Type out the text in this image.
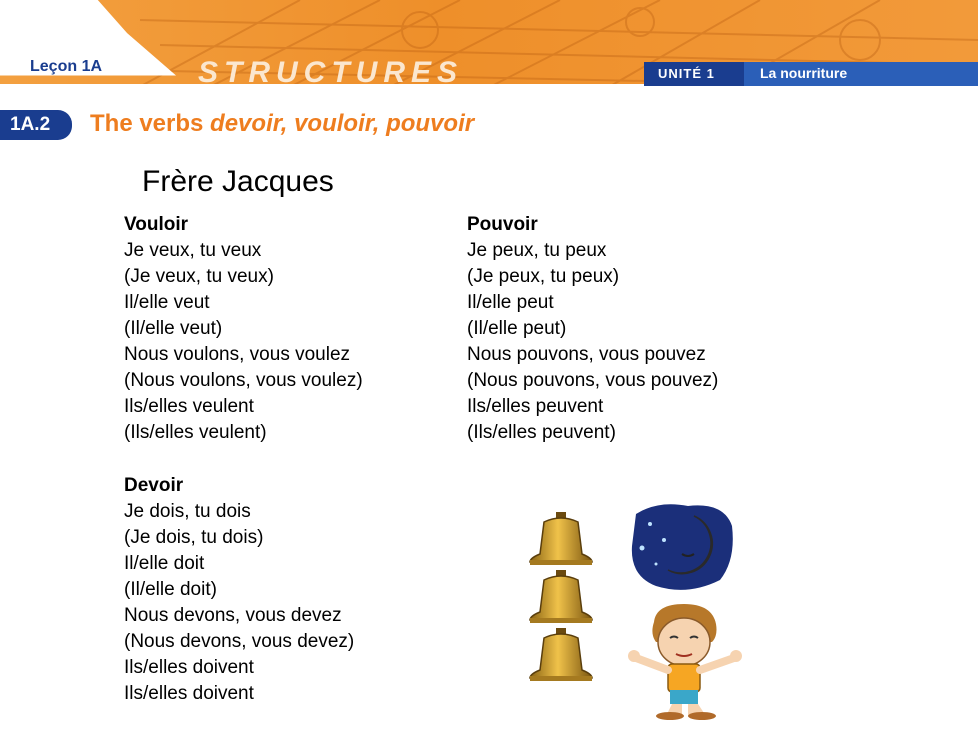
Leçon 1A	STRUCTURES	UNITÉ 1	La nourriture
1A.2 The verbs devoir, vouloir, pouvoir
Frère Jacques
Vouloir
Je veux, tu veux
(Je veux, tu veux)
Il/elle veut
(Il/elle veut)
Nous voulons, vous voulez
(Nous voulons, vous voulez)
Ils/elles veulent
(Ils/elles veulent)
Pouvoir
Je peux, tu peux
(Je peux, tu peux)
Il/elle peut
(Il/elle peut)
Nous pouvons, vous pouvez
(Nous pouvons, vous pouvez)
Ils/elles peuvent
(Ils/elles peuvent)
Devoir
Je dois, tu dois
(Je dois, tu dois)
Il/elle doit
(Il/elle doit)
Nous devons, vous devez
(Nous devons, vous devez)
Ils/elles doivent
Ils/elles doivent
